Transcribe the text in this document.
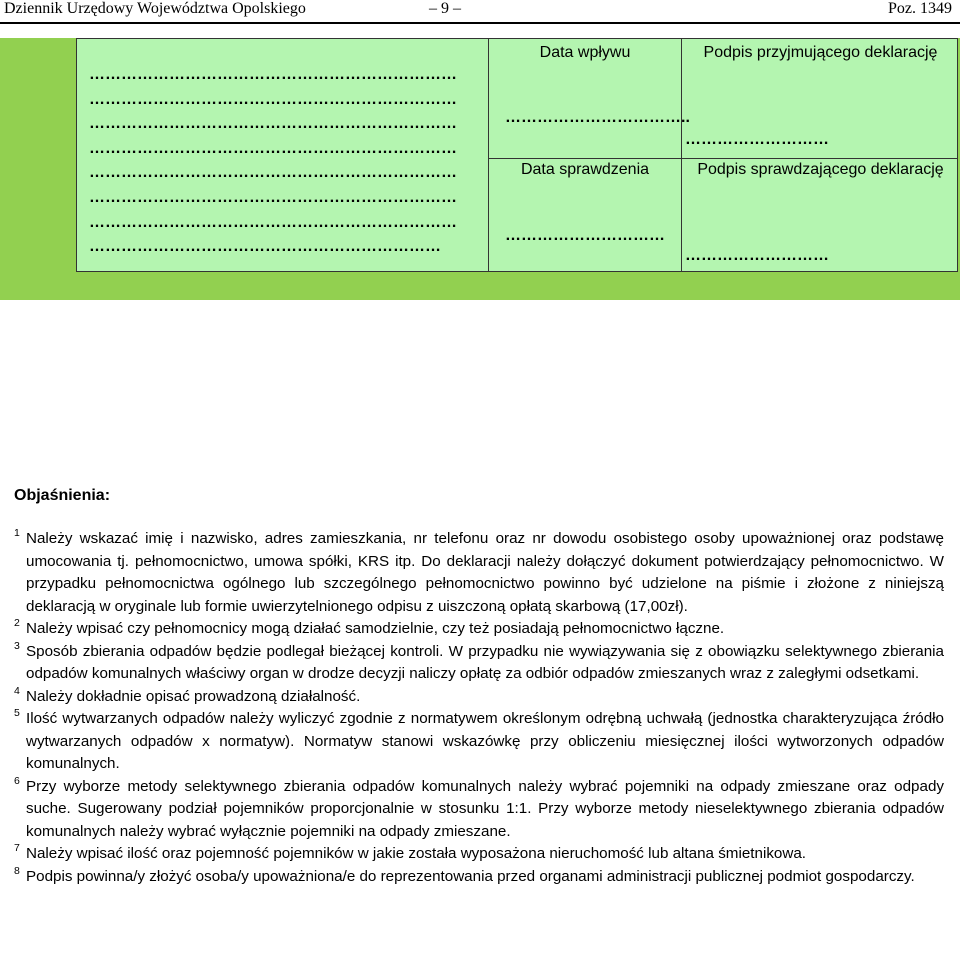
Dziennik Urzędowy Województwa Opolskiego	– 9 –	Poz. 1349
……………………………………………………………
……………………………………………………………
……………………………………………………………
……………………………………………………………
……………………………………………………………
……………………………………………………………
……………………………………………………………
…………………………………………………………
Data wpływu
……………………………..
Podpis przyjmującego deklarację
………………………
Data sprawdzenia
…………………………
Podpis sprawdzającego deklarację
………………………
Objaśnienia:
1 Należy wskazać imię i nazwisko, adres zamieszkania, nr telefonu oraz nr dowodu osobistego osoby upoważnionej oraz podstawę umocowania tj. pełnomocnictwo, umowa spółki, KRS itp. Do deklaracji należy dołączyć dokument potwierdzający pełnomocnictwo. W przypadku pełnomocnictwa ogólnego lub szczególnego pełnomocnictwo powinno być udzielone na piśmie i złożone z niniejszą deklaracją w oryginale lub formie uwierzytelnionego odpisu z uiszczoną opłatą skarbową (17,00zł).
2 Należy wpisać czy pełnomocnicy mogą działać samodzielnie, czy też posiadają pełnomocnictwo łączne.
3 Sposób zbierania odpadów będzie podlegał bieżącej kontroli. W przypadku nie wywiązywania się z obowiązku selektywnego zbierania odpadów komunalnych właściwy organ w drodze decyzji naliczy opłatę za odbiór odpadów zmieszanych wraz z zaległymi odsetkami.
4 Należy dokładnie opisać prowadzoną działalność.
5 Ilość wytwarzanych odpadów należy wyliczyć zgodnie z normatywem określonym odrębną uchwałą (jednostka charakteryzująca źródło wytwarzanych odpadów x normatyw). Normatyw stanowi wskazówkę przy obliczeniu miesięcznej ilości wytworzonych odpadów komunalnych.
6 Przy wyborze metody selektywnego zbierania odpadów komunalnych należy wybrać pojemniki na odpady zmieszane oraz odpady suche. Sugerowany podział pojemników proporcjonalnie w stosunku 1:1. Przy wyborze metody nieselektywnego zbierania odpadów komunalnych należy wybrać wyłącznie pojemniki na odpady zmieszane.
7 Należy wpisać ilość oraz pojemność pojemników w jakie została wyposażona nieruchomość lub altana śmietnikowa.
8 Podpis powinna/y złożyć osoba/y upoważniona/e do reprezentowania przed organami administracji publicznej podmiot gospodarczy.
